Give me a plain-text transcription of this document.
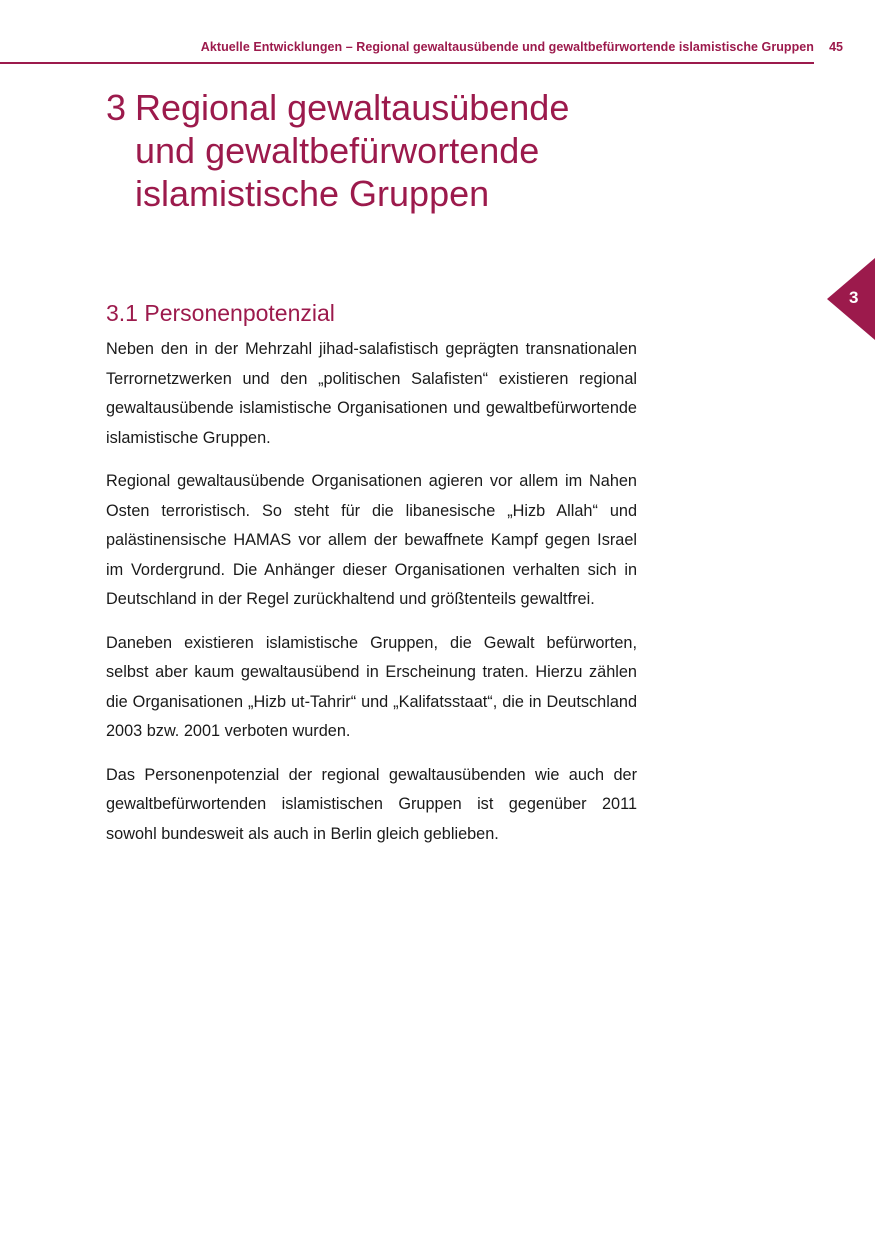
Aktuelle Entwicklungen – Regional gewaltausübende und gewaltbefürwortende islamistische Gruppen 45
3 Regional gewaltausübende
und gewaltbefürwortende
islamistische Gruppen
3
3.1 Personenpotenzial

Neben den in der Mehrzahl jihad-salafistisch geprägten transnationalen Terrornetzwerken und den „politischen Salafisten“ existieren regional gewaltausübende islamistische Organisationen und gewaltbefürwortende islamistische Gruppen.

Regional gewaltausübende Organisationen agieren vor allem im Nahen Osten terroristisch. So steht für die libanesische „Hizb Allah“ und palästinensische HAMAS vor allem der bewaffnete Kampf gegen Israel im Vordergrund. Die Anhänger dieser Organisationen verhalten sich in Deutschland in der Regel zurückhaltend und größtenteils gewaltfrei.

Daneben existieren islamistische Gruppen, die Gewalt befürworten, selbst aber kaum gewaltausübend in Erscheinung traten. Hierzu zählen die Organisationen „Hizb ut-Tahrir“ und „Kalifatsstaat“, die in Deutschland 2003 bzw. 2001 verboten wurden.

Das Personenpotenzial der regional gewaltausübenden wie auch der gewaltbefürwortenden islamistischen Gruppen ist gegenüber 2011 sowohl bundesweit als auch in Berlin gleich geblieben.
